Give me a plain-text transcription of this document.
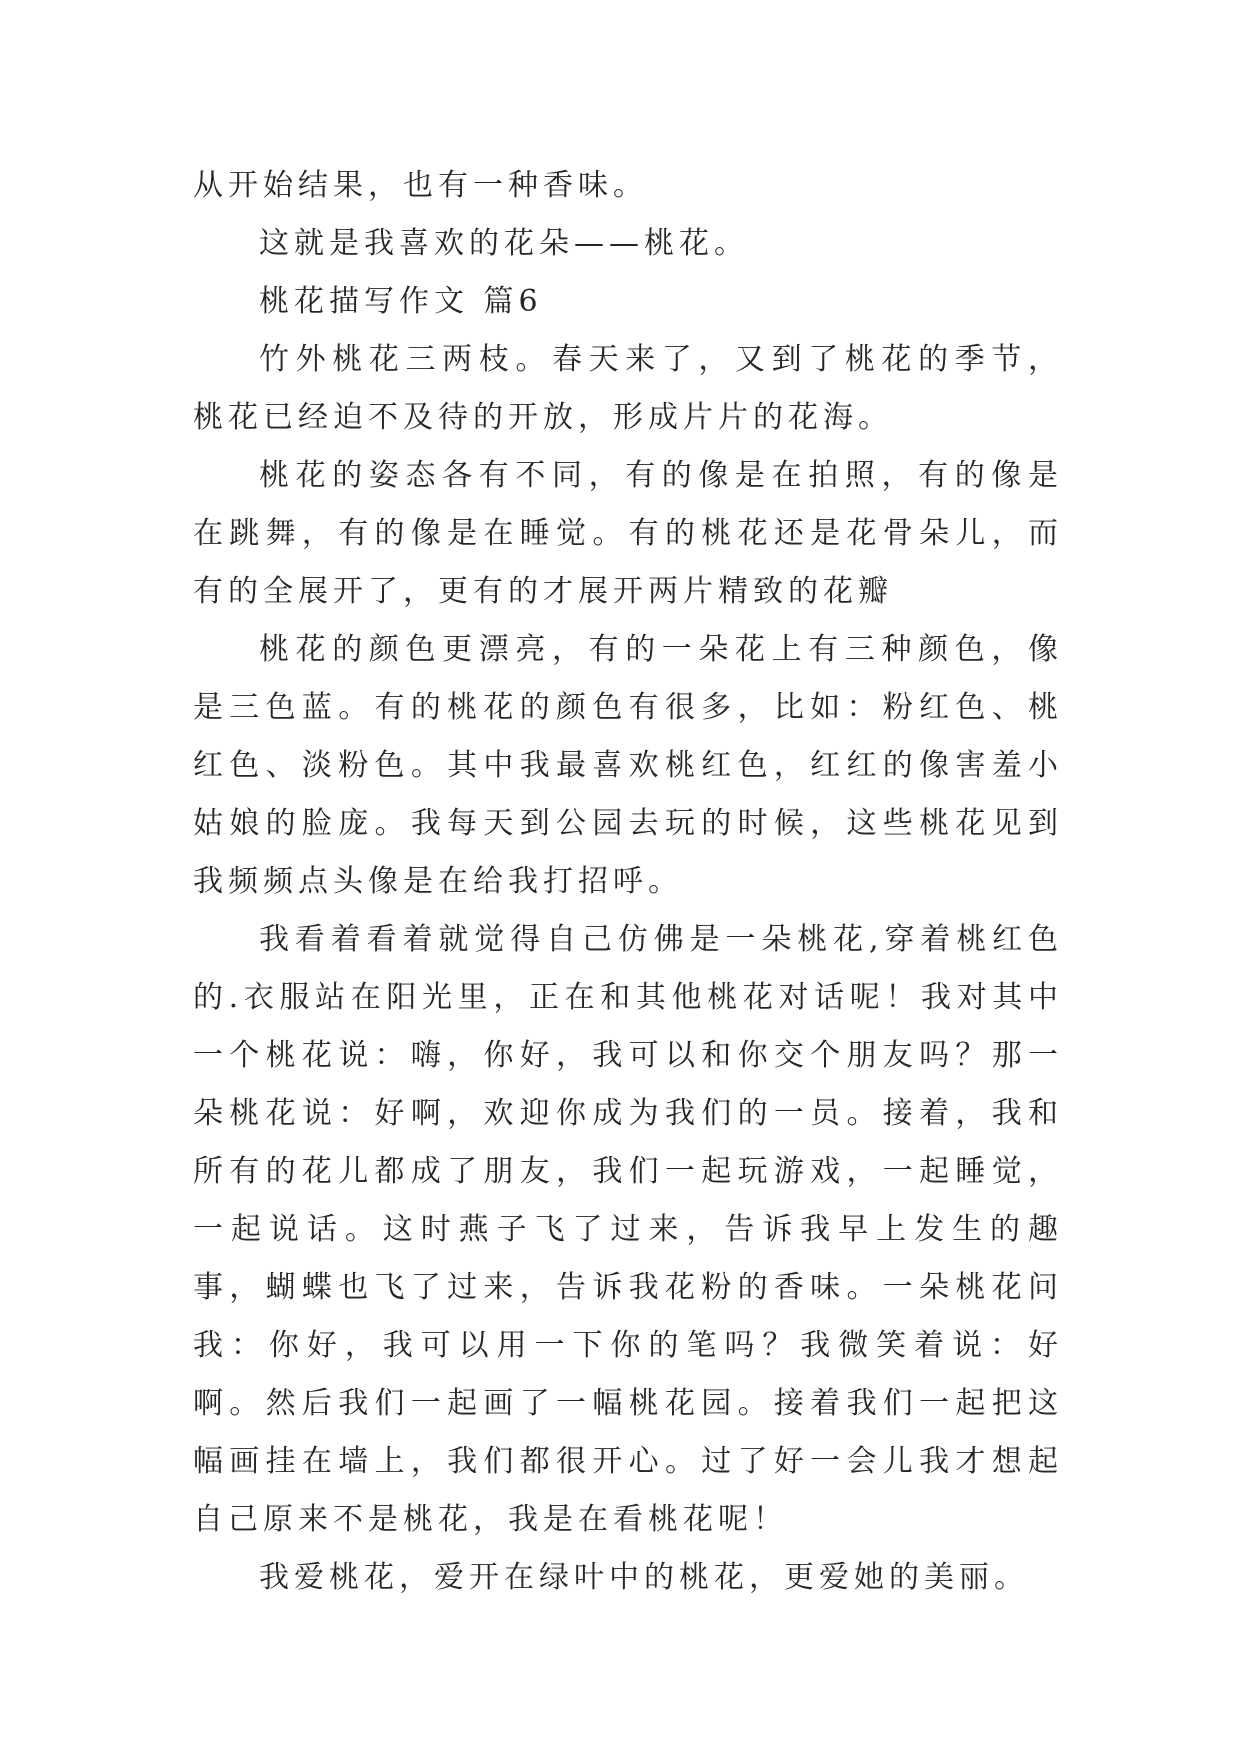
从开始结果，也有一种香味。

这就是我喜欢的花朵——桃花。

桃花描写作文 篇6

竹外桃花三两枝。春天来了，又到了桃花的季节，桃花已经迫不及待的开放，形成片片的花海。

桃花的姿态各有不同，有的像是在拍照，有的像是在跳舞，有的像是在睡觉。有的桃花还是花骨朵儿，而有的全展开了，更有的才展开两片精致的花瓣

桃花的颜色更漂亮，有的一朵花上有三种颜色，像是三色蓝。有的桃花的颜色有很多，比如：粉红色、桃红色、淡粉色。其中我最喜欢桃红色，红红的像害羞小姑娘的脸庞。我每天到公园去玩的时候，这些桃花见到我频频点头像是在给我打招呼。

我看着看着就觉得自己仿佛是一朵桃花,穿着桃红色的.衣服站在阳光里，正在和其他桃花对话呢！我对其中一个桃花说：嗨，你好，我可以和你交个朋友吗？那一朵桃花说：好啊，欢迎你成为我们的一员。接着，我和所有的花儿都成了朋友，我们一起玩游戏，一起睡觉，一起说话。这时燕子飞了过来，告诉我早上发生的趣事，蝴蝶也飞了过来，告诉我花粉的香味。一朵桃花问我：你好，我可以用一下你的笔吗？我微笑着说：好啊。然后我们一起画了一幅桃花园。接着我们一起把这幅画挂在墙上，我们都很开心。过了好一会儿我才想起自己原来不是桃花，我是在看桃花呢！

我爱桃花，爱开在绿叶中的桃花，更爱她的美丽。
